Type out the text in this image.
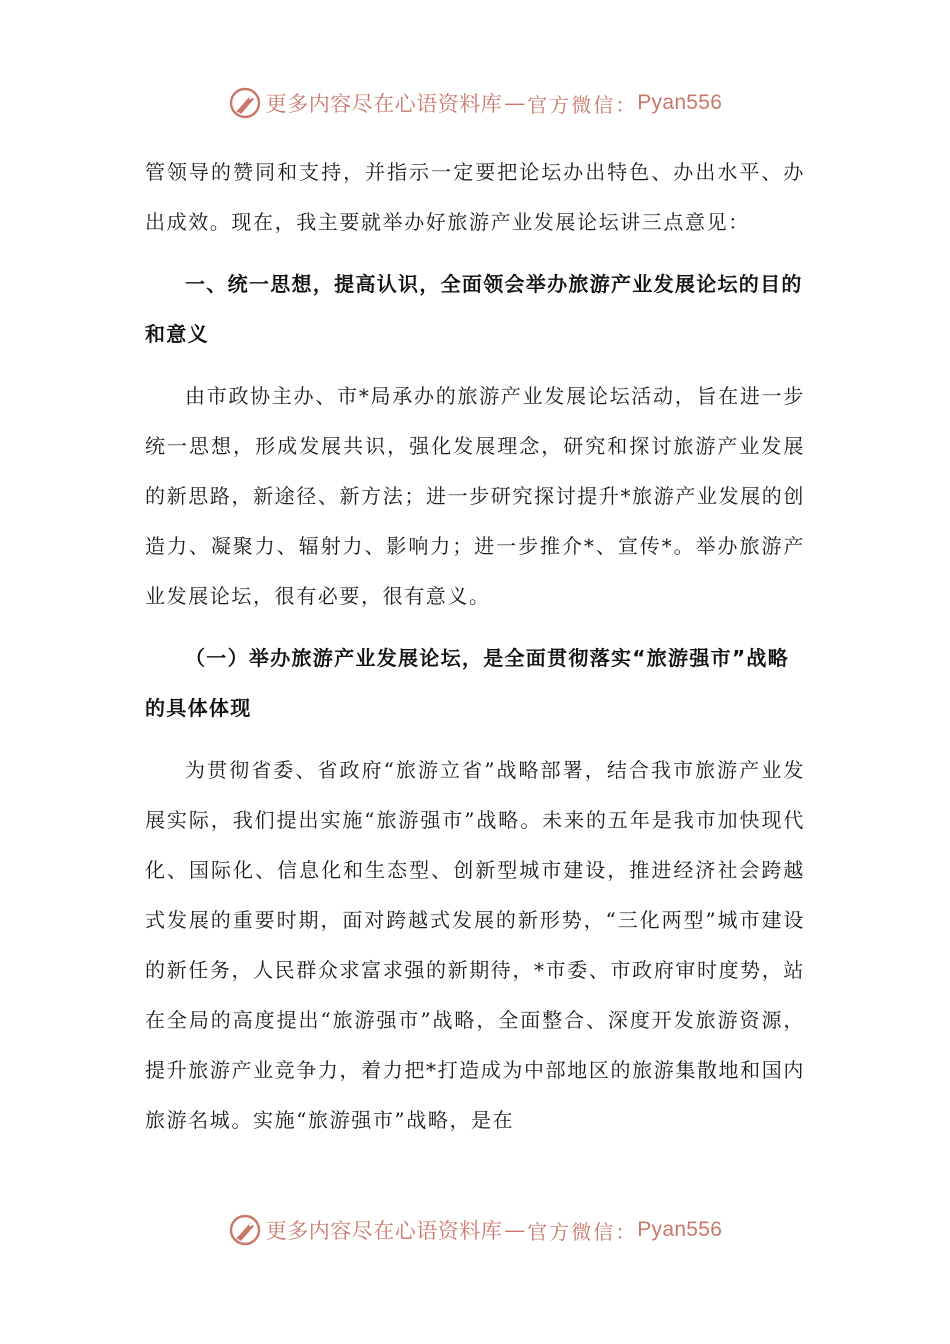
更多内容尽在心语资料库 — 官方微信： Pyan556

管领导的赞同和支持，并指示一定要把论坛办出特色、办出水平、办出成效。现在，我主要就举办好旅游产业发展论坛讲三点意见：

一、统一思想，提高认识，全面领会举办旅游产业发展论坛的目的和意义

由市政协主办、市*局承办的旅游产业发展论坛活动，旨在进一步统一思想，形成发展共识，强化发展理念，研究和探讨旅游产业发展的新思路，新途径、新方法；进一步研究探讨提升*旅游产业发展的创造力、凝聚力、辐射力、影响力；进一步推介*、宣传*。举办旅游产业发展论坛，很有必要，很有意义。

（一）举办旅游产业发展论坛，是全面贯彻落实“旅游强市”战略的具体体现

为贯彻省委、省政府“旅游立省”战略部署，结合我市旅游产业发展实际，我们提出实施“旅游强市”战略。未来的五年是我市加快现代化、国际化、信息化和生态型、创新型城市建设，推进经济社会跨越式发展的重要时期，面对跨越式发展的新形势，“三化两型”城市建设的新任务，人民群众求富求强的新期待，*市委、市政府审时度势，站在全局的高度提出“旅游强市”战略，全面整合、深度开发旅游资源，提升旅游产业竞争力，着力把*打造成为中部地区的旅游集散地和国内旅游名城。实施“旅游强市”战略，是在

更多内容尽在心语资料库 — 官方微信： Pyan556
